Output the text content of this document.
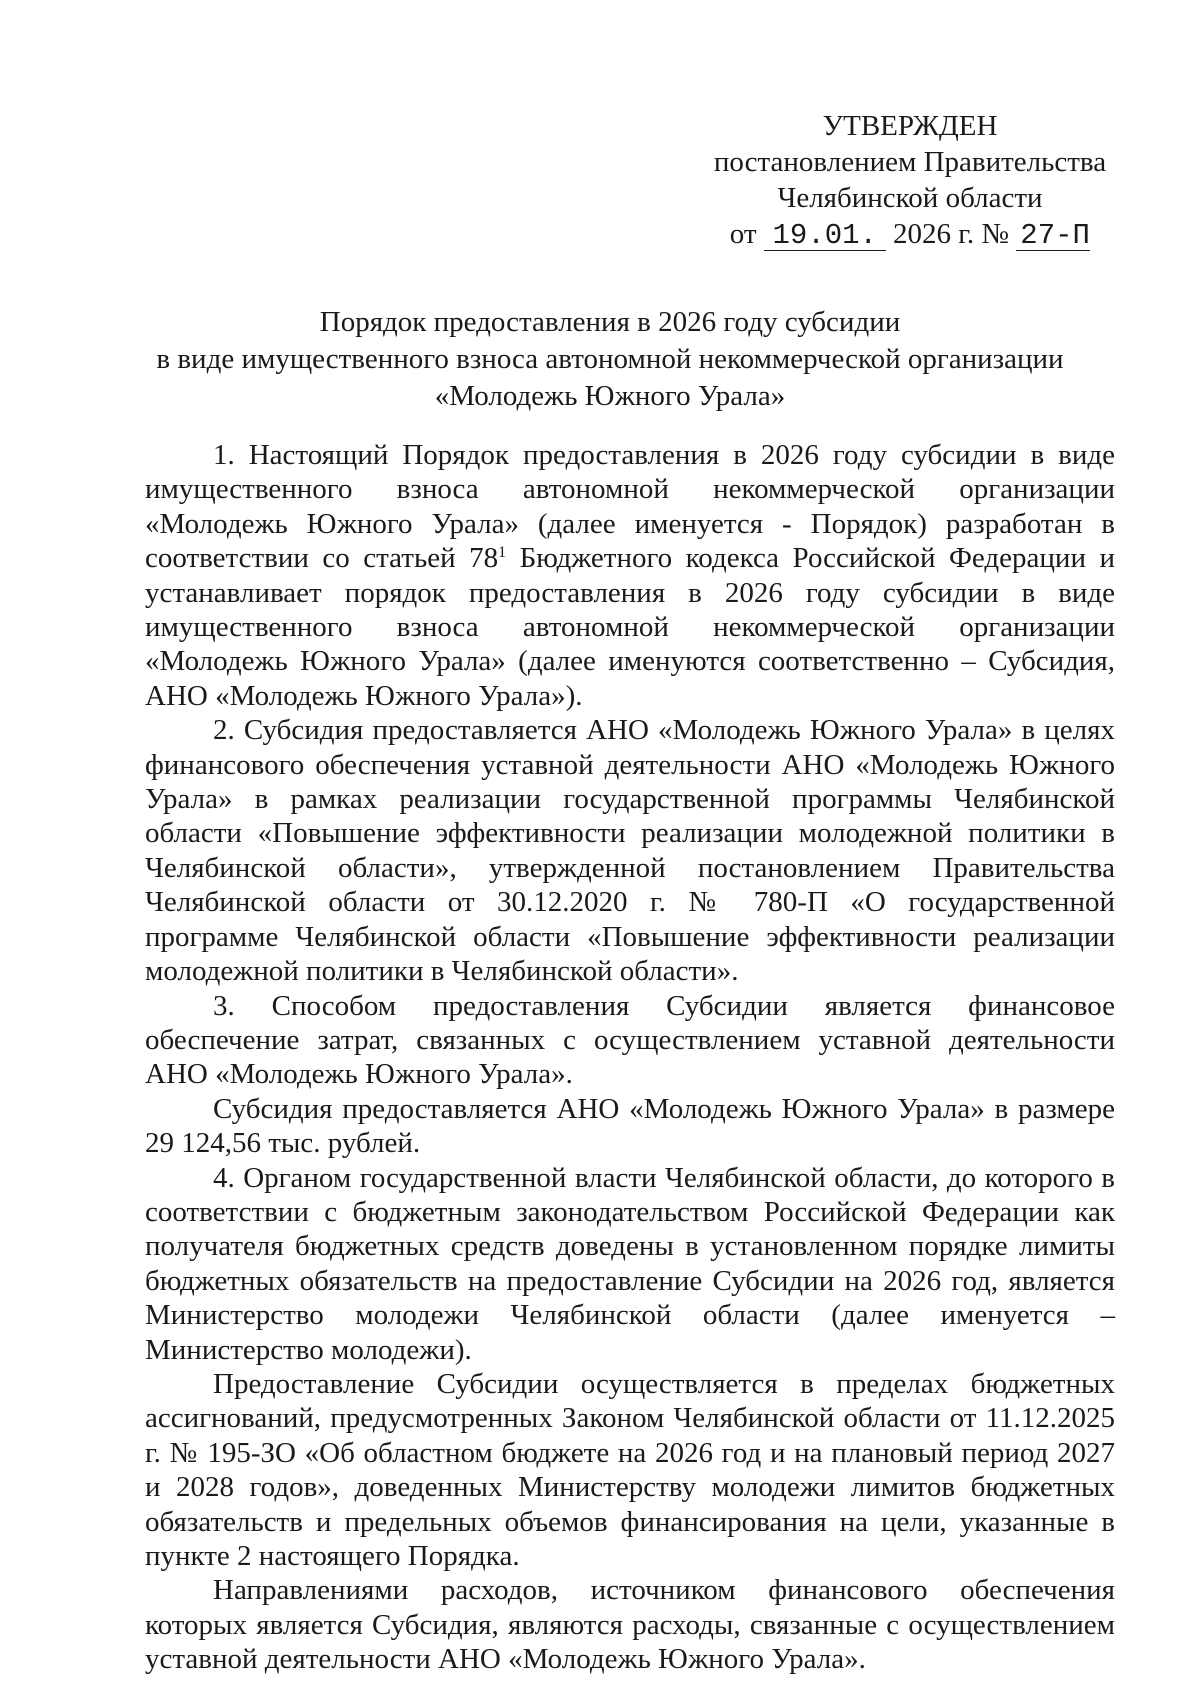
УТВЕРЖДЕН
постановлением Правительства
Челябинской области
от 19.01. 2026 г. № 27-П
Порядок предоставления в 2026 году субсидии
в виде имущественного взноса автономной некоммерческой организации
«Молодежь Южного Урала»

1. Настоящий Порядок предоставления в 2026 году субсидии в виде имущественного взноса автономной некоммерческой организации «Молодежь Южного Урала» (далее именуется - Порядок) разработан в соответствии со статьей $78^1$ Бюджетного кодекса Российской Федерации и устанавливает порядок предоставления в 2026 году субсидии в виде имущественного взноса автономной некоммерческой организации «Молодежь Южного Урала» (далее именуются соответственно – Субсидия, АНО «Молодежь Южного Урала»).

2. Субсидия предоставляется АНО «Молодежь Южного Урала» в целях финансового обеспечения уставной деятельности АНО «Молодежь Южного Урала» в рамках реализации государственной программы Челябинской области «Повышение эффективности реализации молодежной политики в Челябинской области», утвержденной постановлением Правительства Челябинской области от 30.12.2020 г. № 780-П «О государственной программе Челябинской области «Повышение эффективности реализации молодежной политики в Челябинской области».

3. Способом предоставления Субсидии является финансовое обеспечение затрат, связанных с осуществлением уставной деятельности АНО «Молодежь Южного Урала».

Субсидия предоставляется АНО «Молодежь Южного Урала» в размере 29 124,56 тыс. рублей.

4. Органом государственной власти Челябинской области, до которого в соответствии с бюджетным законодательством Российской Федерации как получателя бюджетных средств доведены в установленном порядке лимиты бюджетных обязательств на предоставление Субсидии на 2026 год, является Министерство молодежи Челябинской области (далее именуется – Министерство молодежи).

Предоставление Субсидии осуществляется в пределах бюджетных ассигнований, предусмотренных Законом Челябинской области от 11.12.2025 г. № 195-ЗО «Об областном бюджете на 2026 год и на плановый период 2027 и 2028 годов», доведенных Министерству молодежи лимитов бюджетных обязательств и предельных объемов финансирования на цели, указанные в пункте 2 настоящего Порядка.

Направлениями расходов, источником финансового обеспечения которых является Субсидия, являются расходы, связанные с осуществлением уставной деятельности АНО «Молодежь Южного Урала».
